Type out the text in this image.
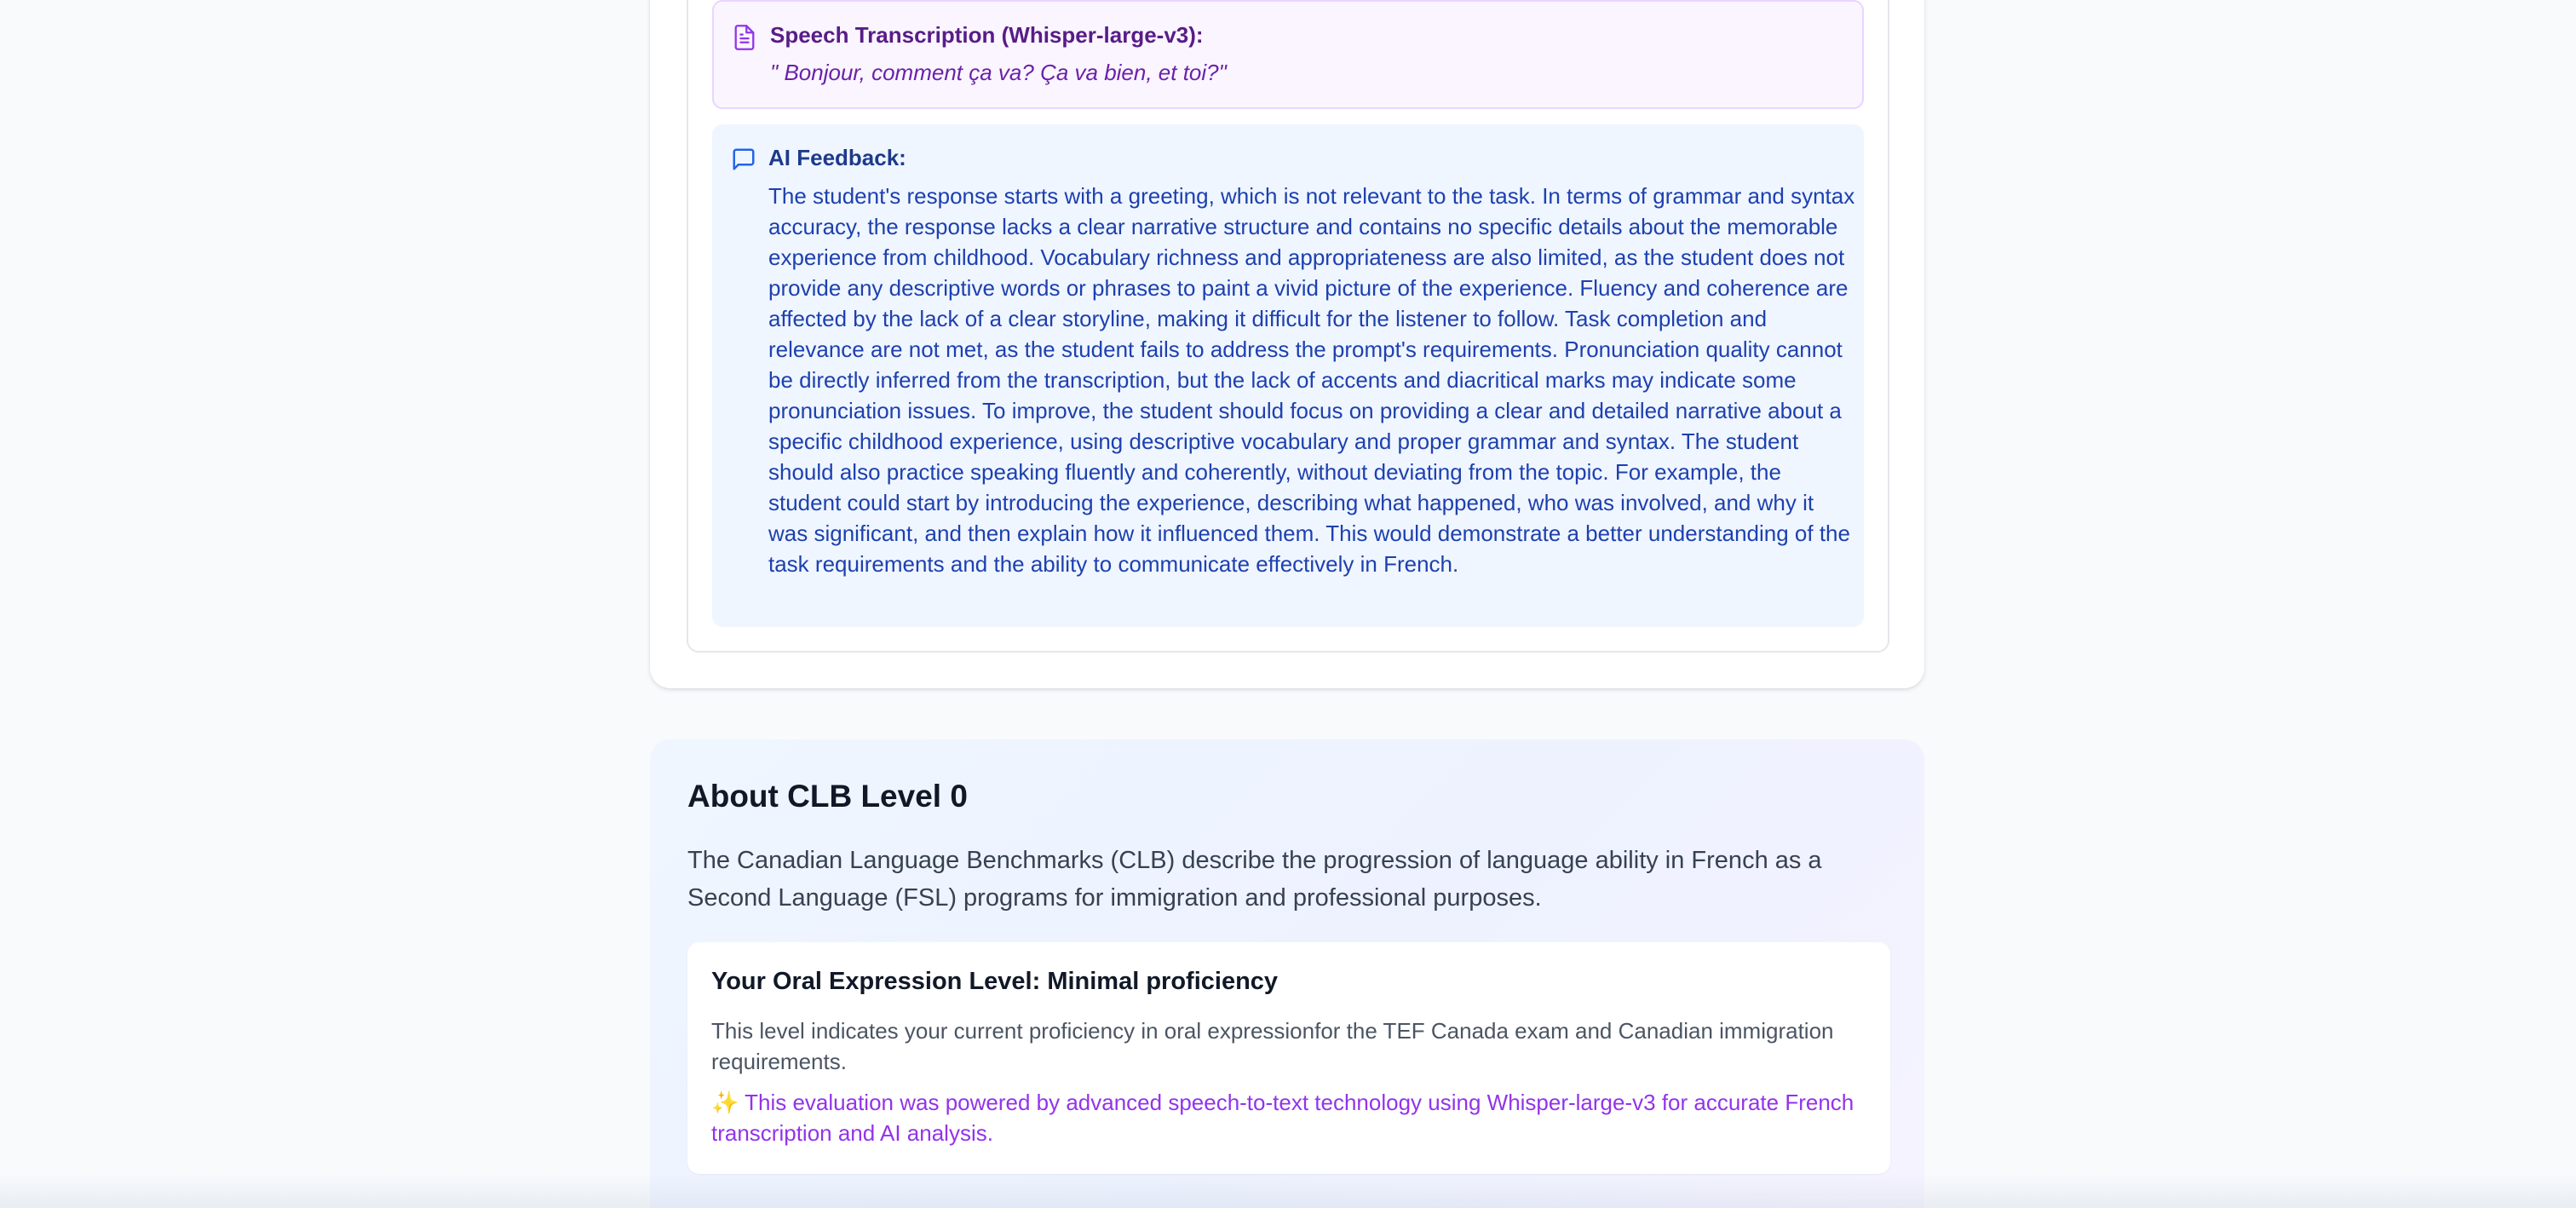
Speech Transcription (Whisper-large-v3):
" Bonjour, comment ça va? Ça va bien, et toi?"
AI Feedback:
The student's response starts with a greeting, which is not relevant to the task. In terms of grammar and syntax accuracy, the response lacks a clear narrative structure and contains no specific details about the memorable experience from childhood. Vocabulary richness and appropriateness are also limited, as the student does not provide any descriptive words or phrases to paint a vivid picture of the experience. Fluency and coherence are affected by the lack of a clear storyline, making it difficult for the listener to follow. Task completion and relevance are not met, as the student fails to address the prompt's requirements. Pronunciation quality cannot be directly inferred from the transcription, but the lack of accents and diacritical marks may indicate some pronunciation issues. To improve, the student should focus on providing a clear and detailed narrative about a specific childhood experience, using descriptive vocabulary and proper grammar and syntax. The student should also practice speaking fluently and coherently, without deviating from the topic. For example, the student could start by introducing the experience, describing what happened, who was involved, and why it was significant, and then explain how it influenced them. This would demonstrate a better understanding of the task requirements and the ability to communicate effectively in French.
About CLB Level 0
The Canadian Language Benchmarks (CLB) describe the progression of language ability in French as a Second Language (FSL) programs for immigration and professional purposes.
Your Oral Expression Level: Minimal proficiency
This level indicates your current proficiency in oral expressionfor the TEF Canada exam and Canadian immigration requirements.
✨ This evaluation was powered by advanced speech-to-text technology using Whisper-large-v3 for accurate French transcription and AI analysis.
